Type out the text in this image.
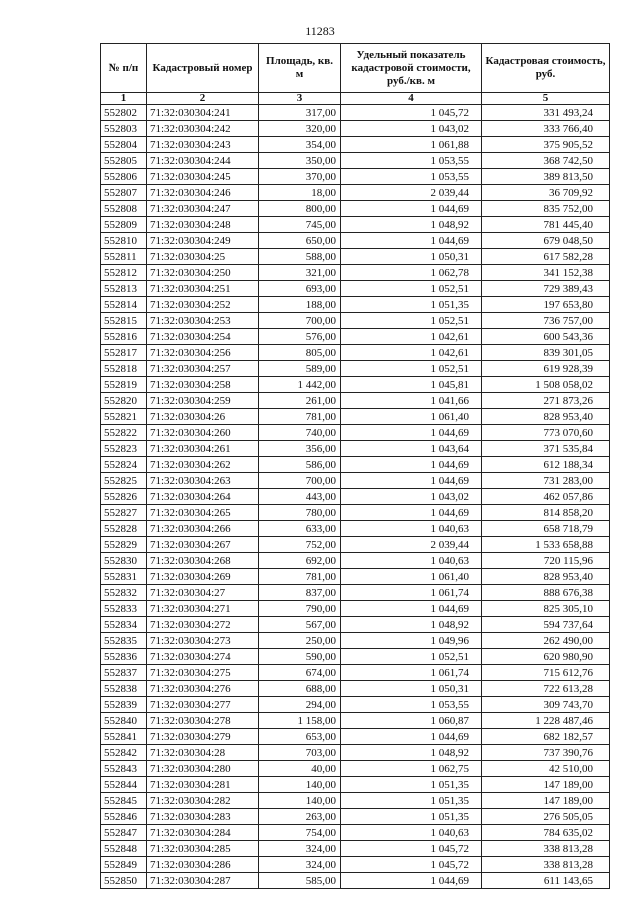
11283
№ п/п	Кадастровый номер	Площадь, кв. м	Удельный показатель кадастровой стоимости, руб./кв. м	Кадастровая стоимость, руб.
1	2	3	4	5
552802	71:32:030304:241	317,00	1 045,72	331 493,24
552803	71:32:030304:242	320,00	1 043,02	333 766,40
552804	71:32:030304:243	354,00	1 061,88	375 905,52
552805	71:32:030304:244	350,00	1 053,55	368 742,50
552806	71:32:030304:245	370,00	1 053,55	389 813,50
552807	71:32:030304:246	18,00	2 039,44	36 709,92
552808	71:32:030304:247	800,00	1 044,69	835 752,00
552809	71:32:030304:248	745,00	1 048,92	781 445,40
552810	71:32:030304:249	650,00	1 044,69	679 048,50
552811	71:32:030304:25	588,00	1 050,31	617 582,28
552812	71:32:030304:250	321,00	1 062,78	341 152,38
552813	71:32:030304:251	693,00	1 052,51	729 389,43
552814	71:32:030304:252	188,00	1 051,35	197 653,80
552815	71:32:030304:253	700,00	1 052,51	736 757,00
552816	71:32:030304:254	576,00	1 042,61	600 543,36
552817	71:32:030304:256	805,00	1 042,61	839 301,05
552818	71:32:030304:257	589,00	1 052,51	619 928,39
552819	71:32:030304:258	1 442,00	1 045,81	1 508 058,02
552820	71:32:030304:259	261,00	1 041,66	271 873,26
552821	71:32:030304:26	781,00	1 061,40	828 953,40
552822	71:32:030304:260	740,00	1 044,69	773 070,60
552823	71:32:030304:261	356,00	1 043,64	371 535,84
552824	71:32:030304:262	586,00	1 044,69	612 188,34
552825	71:32:030304:263	700,00	1 044,69	731 283,00
552826	71:32:030304:264	443,00	1 043,02	462 057,86
552827	71:32:030304:265	780,00	1 044,69	814 858,20
552828	71:32:030304:266	633,00	1 040,63	658 718,79
552829	71:32:030304:267	752,00	2 039,44	1 533 658,88
552830	71:32:030304:268	692,00	1 040,63	720 115,96
552831	71:32:030304:269	781,00	1 061,40	828 953,40
552832	71:32:030304:27	837,00	1 061,74	888 676,38
552833	71:32:030304:271	790,00	1 044,69	825 305,10
552834	71:32:030304:272	567,00	1 048,92	594 737,64
552835	71:32:030304:273	250,00	1 049,96	262 490,00
552836	71:32:030304:274	590,00	1 052,51	620 980,90
552837	71:32:030304:275	674,00	1 061,74	715 612,76
552838	71:32:030304:276	688,00	1 050,31	722 613,28
552839	71:32:030304:277	294,00	1 053,55	309 743,70
552840	71:32:030304:278	1 158,00	1 060,87	1 228 487,46
552841	71:32:030304:279	653,00	1 044,69	682 182,57
552842	71:32:030304:28	703,00	1 048,92	737 390,76
552843	71:32:030304:280	40,00	1 062,75	42 510,00
552844	71:32:030304:281	140,00	1 051,35	147 189,00
552845	71:32:030304:282	140,00	1 051,35	147 189,00
552846	71:32:030304:283	263,00	1 051,35	276 505,05
552847	71:32:030304:284	754,00	1 040,63	784 635,02
552848	71:32:030304:285	324,00	1 045,72	338 813,28
552849	71:32:030304:286	324,00	1 045,72	338 813,28
552850	71:32:030304:287	585,00	1 044,69	611 143,65
